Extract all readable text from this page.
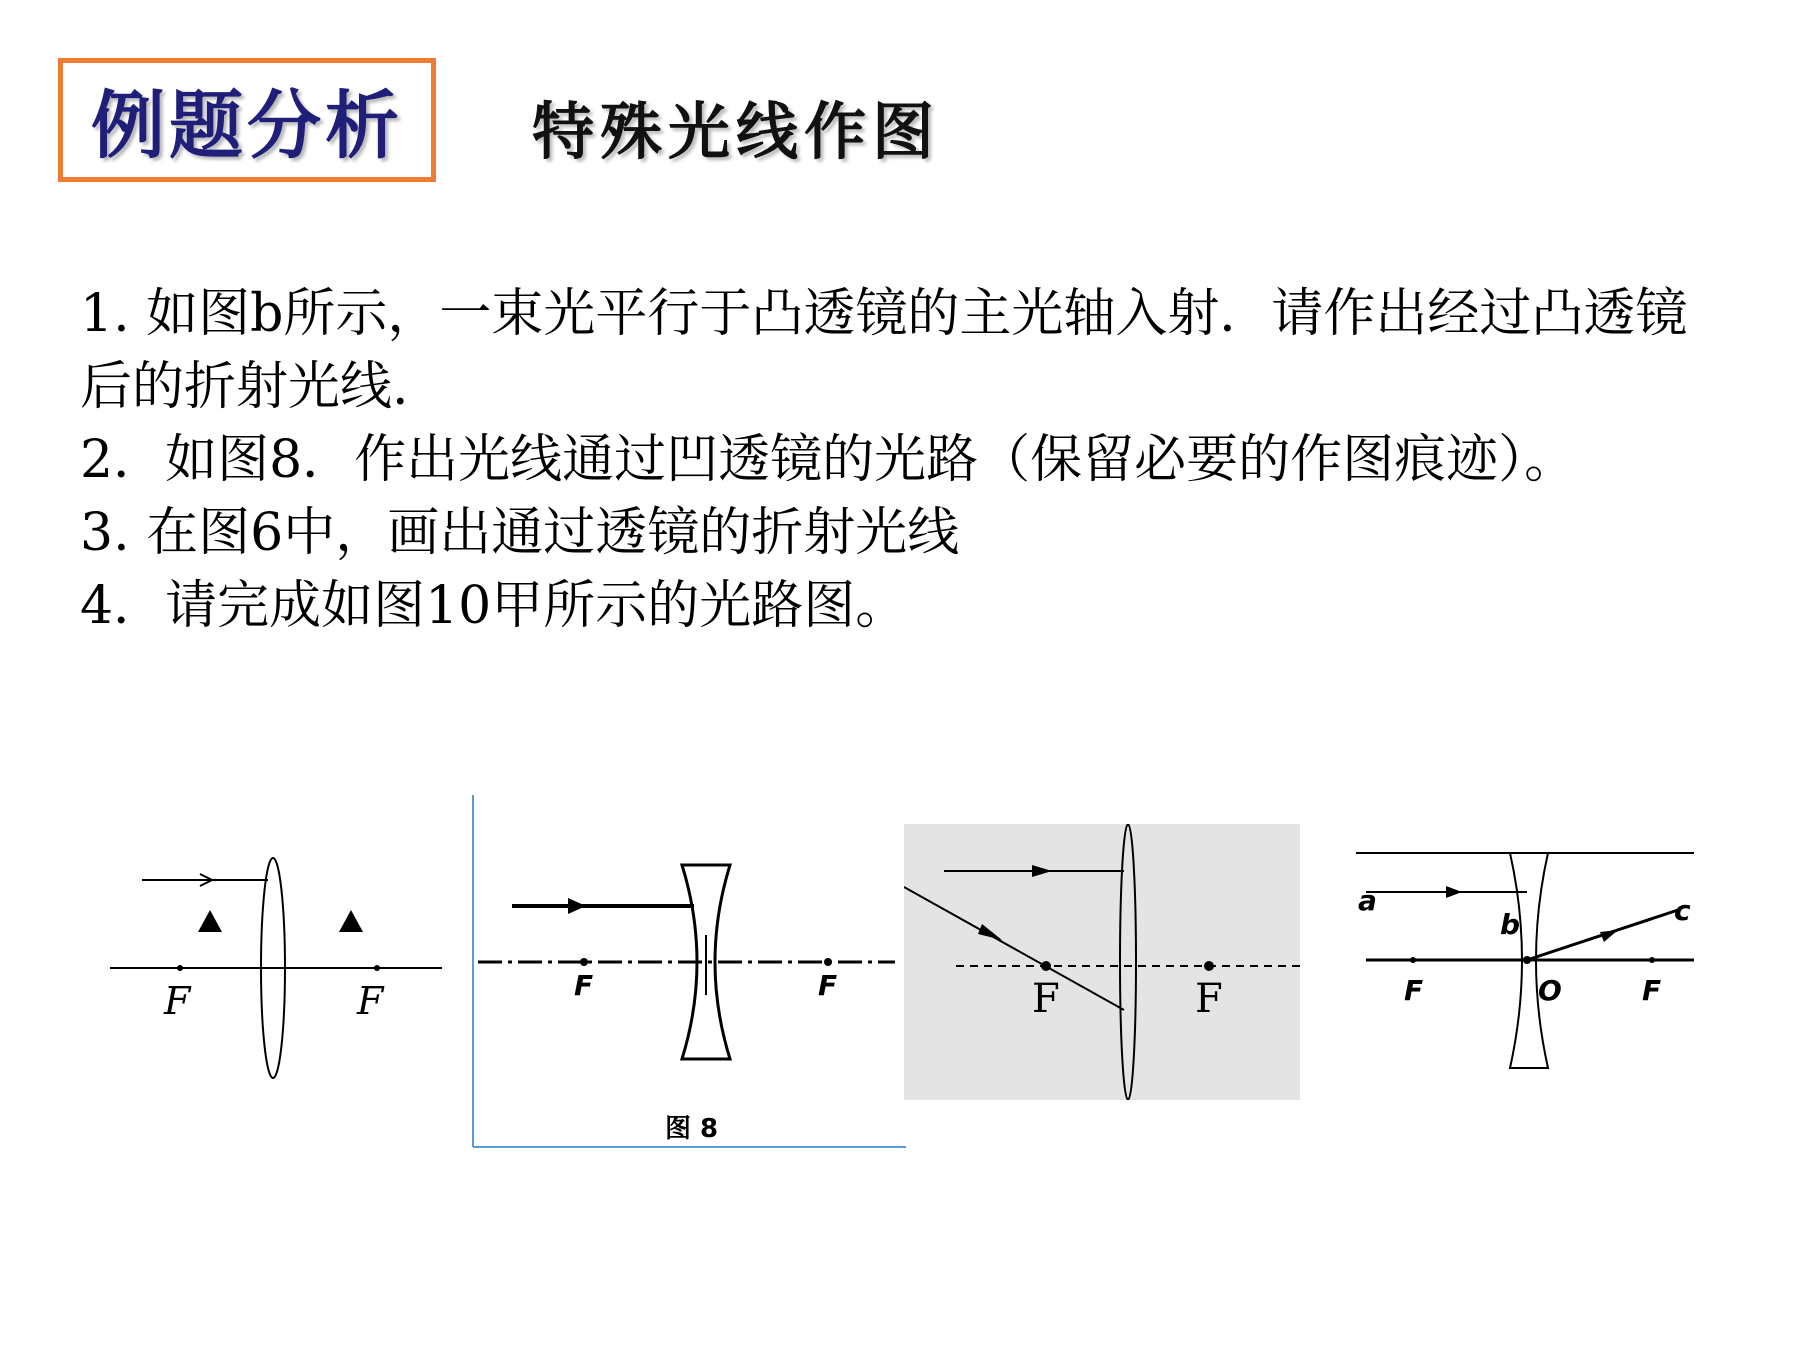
例题分析 特殊光线作图

1. 如图b所示，一束光平行于凸透镜的主光轴入射．请作出经过凸透镜后的折射光线.

2．如图8．作出光线通过凹透镜的光路（保留必要的作图痕迹）。

3. 在图6中，画出通过透镜的折射光线

4．请完成如图10甲所示的光路图。

F	F	F	F
图 8
F	F
a
b	c
O
F	F
